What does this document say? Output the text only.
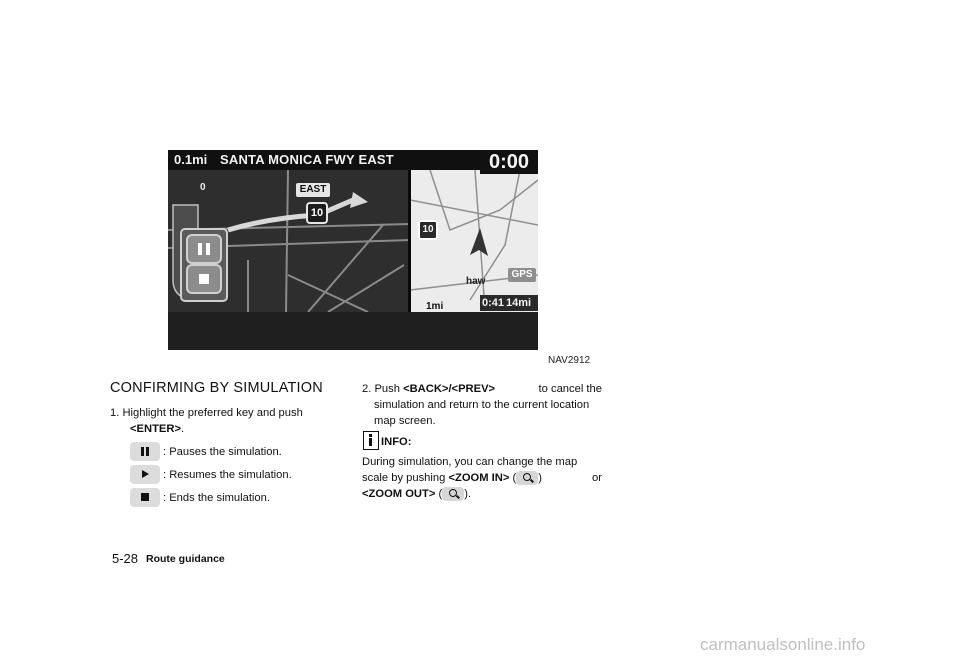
0.1mi SANTA MONICA FWY EAST	0:00
0	EAST
10
10
GPS
haw
1mi	0:41 14mi
NAV2912
CONFIRMING BY SIMULATION
1. Highlight the preferred key and push
<ENTER>.
: Pauses the simulation.
: Resumes the simulation.
: Ends the simulation.
2. Push <BACK>/<PREV>	to cancel the
simulation and return to the current location
map screen.
INFO:
During simulation, you can change the map
scale by pushing <ZOOM IN> ( )	or
<ZOOM OUT> ( ).
5-28 Route guidance
carmanualsonline.info
